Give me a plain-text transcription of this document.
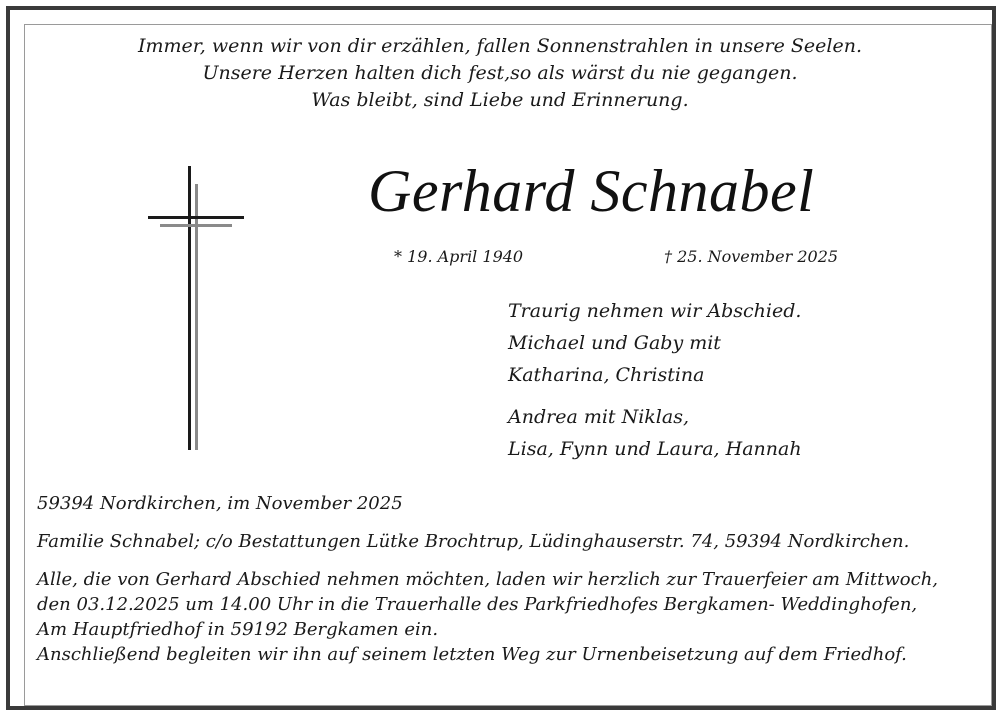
Immer, wenn wir von dir erzählen, fallen Sonnenstrahlen in unsere Seelen.
Unsere Herzen halten dich fest,so als wärst du nie gegangen.
Was bleibt, sind Liebe und Erinnerung.
Gerhard Schnabel
* 19. April 1940	† 25. November 2025
Traurig nehmen wir Abschied.
Michael und Gaby mit
Katharina, Christina
Andrea mit Niklas,
Lisa, Fynn und Laura, Hannah
59394 Nordkirchen, im November 2025
Familie Schnabel; c/o Bestattungen Lütke Brochtrup, Lüdinghauserstr. 74, 59394 Nordkirchen.
Alle, die von Gerhard Abschied nehmen möchten, laden wir herzlich zur Trauerfeier am Mittwoch,
den 03.12.2025 um 14.00 Uhr in die Trauerhalle des Parkfriedhofes Bergkamen- Weddinghofen,
Am Hauptfriedhof in 59192 Bergkamen ein.
Anschließend begleiten wir ihn auf seinem letzten Weg zur Urnenbeisetzung auf dem Friedhof.
